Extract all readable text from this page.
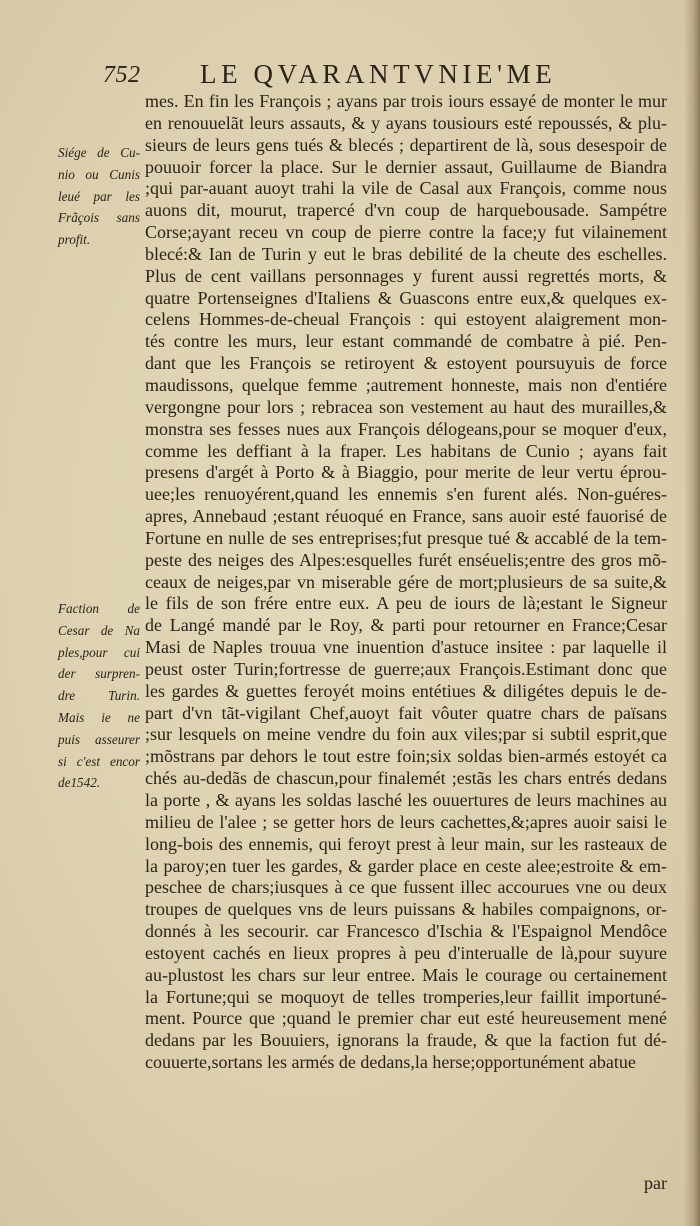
752 LE QVARANTVNIE'ME
Siége de Cu-
nio ou Cunis
leué par les
Frãçois sans
profit.
Faction de
Cesar de Na
ples,pour cui
der surpren-
dre Turin.
Mais ie ne
puis asseurer
si c'est encor
de1542.
mes. En fin les François ; ayans par trois iours essayé de monter le mur
en renouuelãt leurs assauts, & y ayans tousiours esté repoussés, & plu-
sieurs de leurs gens tués & blecés ; departirent de là, sous desespoir de
pouuoir forcer la place. Sur le dernier assaut, Guillaume de Biandra
;qui par-auant auoyt trahi la vile de Casal aux François, comme nous
auons dit, mourut, trapercé d'vn coup de harquebousade. Sampétre
Corse;ayant receu vn coup de pierre contre la face;y fut vilainement
blecé:& Ian de Turin y eut le bras debilité de la cheute des eschelles.
Plus de cent vaillans personnages y furent aussi regrettés morts, &
quatre Portenseignes d'Italiens & Guascons entre eux,& quelques ex-
celens Hommes-de-cheual François : qui estoyent alaigrement mon-
tés contre les murs, leur estant commandé de combatre à pié. Pen-
dant que les François se retiroyent & estoyent poursuyuis de force
maudissons, quelque femme ;autrement honneste, mais non d'entiére
vergongne pour lors ; rebracea son vestement au haut des murailles,&
monstra ses fesses nues aux François délogeans,pour se moquer d'eux,
comme les deffiant à la fraper. Les habitans de Cunio ; ayans fait
presens d'argét à Porto & à Biaggio, pour merite de leur vertu éprou-
uee;les renuoyérent,quand les ennemis s'en furent alés. Non-guéres-
apres, Annebaud ;estant réuoqué en France, sans auoir esté fauorisé de
Fortune en nulle de ses entreprises;fut presque tué & accablé de la tem-
peste des neiges des Alpes:esquelles furét enséuelis;entre des gros mõ-
ceaux de neiges,par vn miserable gére de mort;plusieurs de sa suite,&
le fils de son frére entre eux. A peu de iours de là;estant le Signeur
de Langé mandé par le Roy, & parti pour retourner en France;Cesar
Masi de Naples trouua vne inuention d'astuce insitee : par laquelle il
peust oster Turin;fortresse de guerre;aux François.Estimant donc que
les gardes & guettes feroyét moins entétiues & diligétes depuis le de-
part d'vn tãt-vigilant Chef,auoyt fait vôuter quatre chars de païsans
;sur lesquels on meine vendre du foin aux viles;par si subtil esprit,que
;mõstrans par dehors le tout estre foin;six soldas bien-armés estoyét ca
chés au-dedãs de chascun,pour finalemét ;estãs les chars entrés dedans
la porte , & ayans les soldas lasché les ouuertures de leurs machines au
milieu de l'alee ; se getter hors de leurs cachettes,&;apres auoir saisi le
long-bois des ennemis, qui feroyt prest à leur main, sur les rasteaux de
la paroy;en tuer les gardes, & garder place en ceste alee;estroite & em-
peschee de chars;iusques à ce que fussent illec accourues vne ou deux
troupes de quelques vns de leurs puissans & habiles compaignons, or-
donnés à les secourir. car Francesco d'Ischia & l'Espaignol Mendôce
estoyent cachés en lieux propres à peu d'interualle de là,pour suyure
au-plustost les chars sur leur entree. Mais le courage ou certainement
la Fortune;qui se moquoyt de telles tromperies,leur faillit importuné-
ment. Pource que ;quand le premier char eut esté heureusement mené
dedans par les Bouuiers, ignorans la fraude, & que la faction fut dé-
couuerte,sortans les armés de dedans,la herse;opportunément abatue
par
